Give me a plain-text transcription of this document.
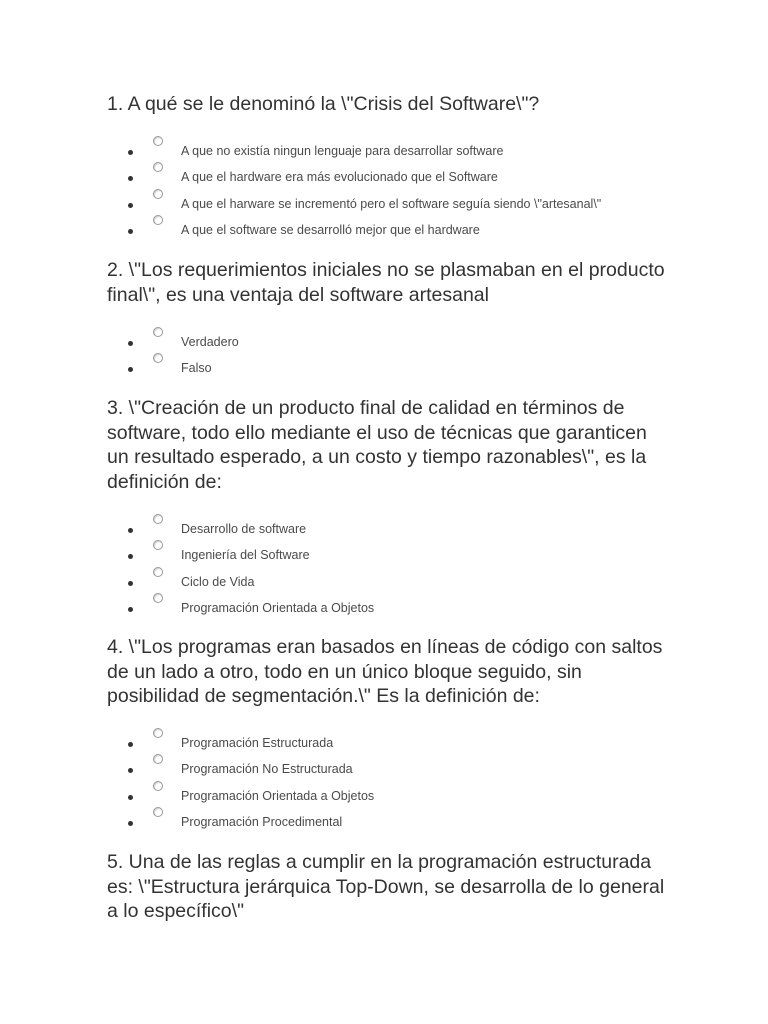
1. A qué se le denominó la \"Crisis del Software\"?

A que no existía ningun lenguaje para desarrollar software
A que el hardware era más evolucionado que el Software
A que el harware se incrementó pero el software seguía siendo \"artesanal\"
A que el software se desarrolló mejor que el hardware

2. \"Los requerimientos iniciales no se plasmaban en el producto final\", es una ventaja del software artesanal

Verdadero
Falso

3. \"Creación de un producto final de calidad en términos de software, todo ello mediante el uso de técnicas que garanticen un resultado esperado, a un costo y tiempo razonables\", es la definición de:

Desarrollo de software
Ingeniería del Software
Ciclo de Vida
Programación Orientada a Objetos

4. \"Los programas eran basados en líneas de código con saltos de un lado a otro, todo en un único bloque seguido, sin posibilidad de segmentación.\" Es la definición de:

Programación Estructurada
Programación No Estructurada
Programación Orientada a Objetos
Programación Procedimental

5. Una de las reglas a cumplir en la programación estructurada es: \"Estructura jerárquica Top-Down, se desarrolla de lo general a lo específico\"
